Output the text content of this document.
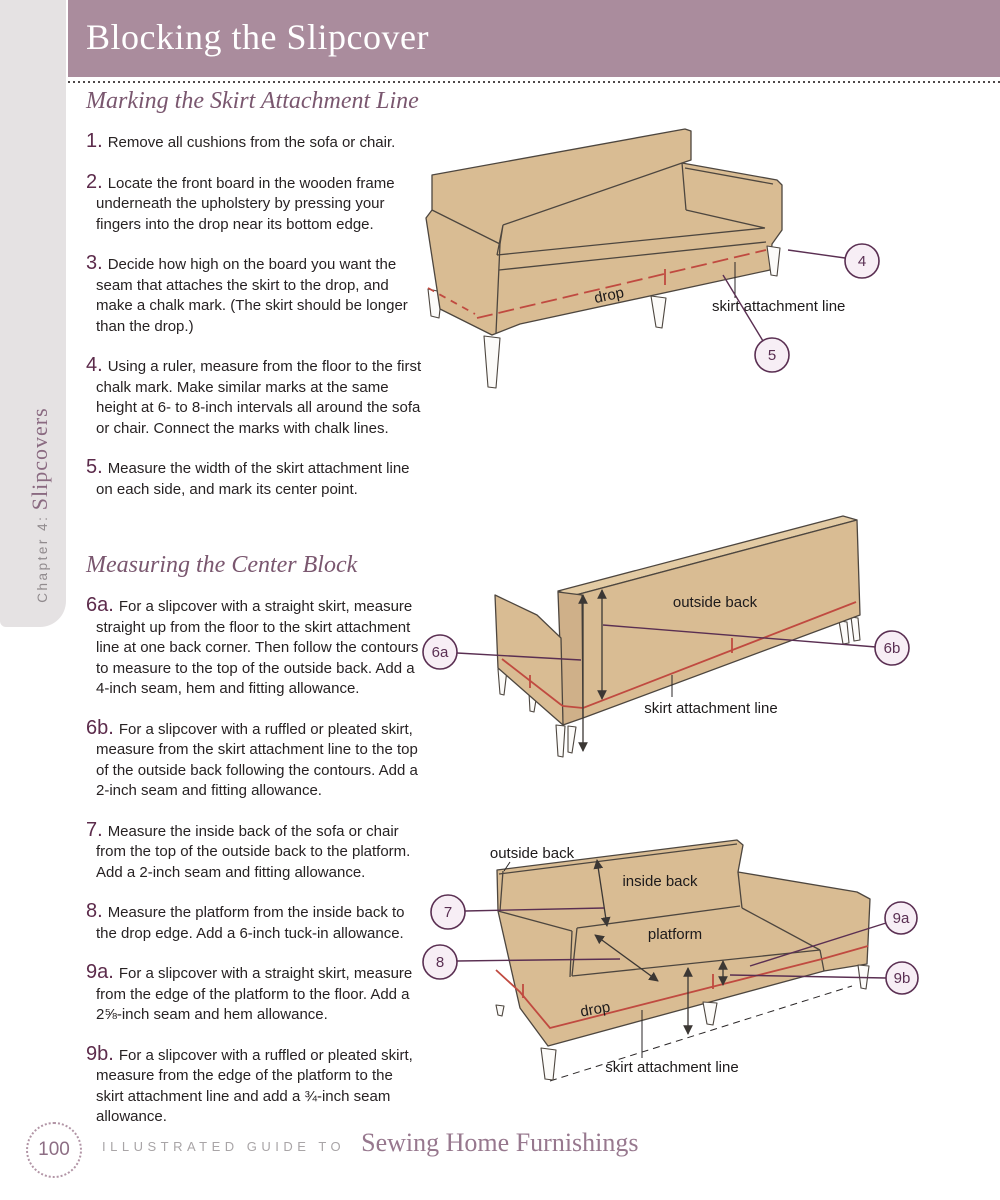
Chapter 4: Slipcovers
Blocking the Slipcover
Marking the Skirt Attachment Line
1. Remove all cushions from the sofa or chair.
2. Locate the front board in the wooden frame underneath the upholstery by pressing your fingers into the drop near its bottom edge.
3. Decide how high on the board you want the seam that attaches the skirt to the drop, and make a chalk mark. (The skirt should be longer than the drop.)
4. Using a ruler, measure from the floor to the first chalk mark. Make similar marks at the same height at 6- to 8-inch intervals all around the sofa or chair. Connect the marks with chalk lines.
5. Measure the width of the skirt attachment line on each side, and mark its center point.
Measuring the Center Block
6a. For a slipcover with a straight skirt, measure straight up from the floor to the skirt attachment line at one back corner. Then follow the contours to measure to the top of the outside back. Add a 4-inch seam, hem and fitting allowance.
6b. For a slipcover with a ruffled or pleated skirt, measure from the skirt attachment line to the top of the outside back following the contours. Add a 2-inch seam and fitting allowance.
7. Measure the inside back of the sofa or chair from the top of the outside back to the platform. Add a 2-inch seam and fitting allowance.
8. Measure the platform from the inside back to the drop edge. Add a 6-inch tuck-in allowance.
9a. For a slipcover with a straight skirt, measure from the edge of the platform to the floor. Add a 2⅝-inch seam and hem allowance.
9b. For a slipcover with a ruffled or pleated skirt, measure from the edge of the platform to the skirt attachment line and add a ¾-inch seam allowance.
drop	skirt attachment line
4
5
outside back
skirt attachment line
6a	6b
outside back
inside back
platform
drop
skirt attachment line
7
8
9a
9b
100 ILLUSTRATED GUIDE TO Sewing Home Furnishings
